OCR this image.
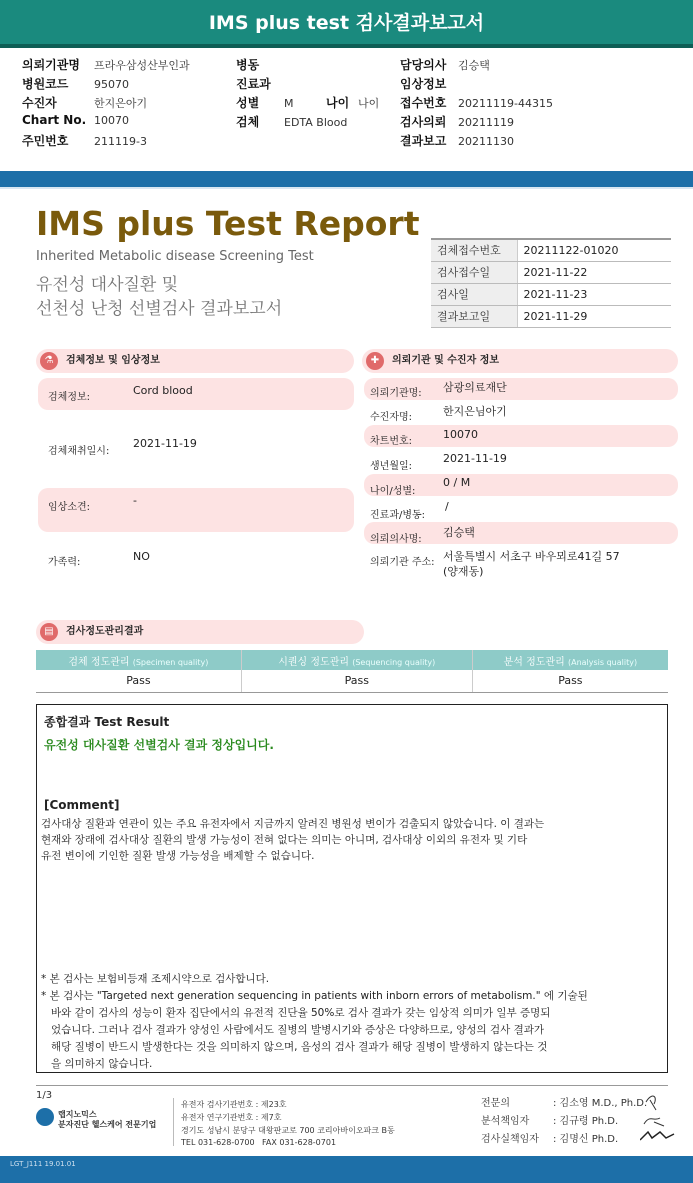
IMS plus test 검사결과보고서
의뢰기관명 프라우삼성산부인과
병원코드 95070
수진자	한지은아기
Chart No. 10070
주민번호 211119-3
병동
진료과
성별 M	나이 나이
검체 EDTA Blood
담당의사 김승택
임상정보
접수번호 20211119-44315
검사의뢰 20211119
결과보고 20211130
IMS plus Test Report
Inherited Metabolic disease Screening Test
유전성 대사질환 및
선천성 난청 선별검사 결과보고서
검체접수번호	20211122-01020
검사접수일	2021-11-22
검사일	2021-11-23
결과보고일	2021-11-29
⚗	검체정보 및 임상정보
검체정보:
Cord blood
검체채취일시:
2021-11-19
임상소견:
-
가족력:	NO
✚	의뢰기관 및 수진자 정보
의뢰기관명: 삼광의료재단
수진자명:	한지은님아기
차트번호:
10070
생년월일:
2021-11-19
나이/성별:
0 / M
진료과/병동:
/
의뢰의사명:
김승택
의뢰기관 주소: 서울특별시 서초구 바우뫼로41길 57
(양재동)
▤	검사정도관리결과
검체 정도관리 (Specimen quality)	시퀀싱 정도관리 (Sequencing quality)	분석 정도관리 (Analysis quality)
Pass	Pass	Pass
종합결과 Test Result
유전성 대사질환 선별검사 결과 정상입니다.
[Comment]
검사대상 질환과 연관이 있는 주요 유전자에서 지금까지 알려진 병원성 변이가 검출되지 않았습니다. 이 결과는
현재와 장래에 검사대상 질환의 발생 가능성이 전혀 없다는 의미는 아니며, 검사대상 이외의 유전자 및 기타
유전 변이에 기인한 질환 발생 가능성을 배제할 수 없습니다.
* 본 검사는 보험비등재 조제시약으로 검사합니다.
* 본 검사는 "Targeted next generation sequencing in patients with inborn errors of metabolism." 에 기술된
바와 같이 검사의 성능이 환자 집단에서의 유전적 진단율 50%로 검사 결과가 갖는 임상적 의미가 일부 증명되
었습니다. 그러나 검사 결과가 양성인 사람에서도 질병의 발병시기와 증상은 다양하므로, 양성의 검사 결과가
해당 질병이 반드시 발생한다는 것을 의미하지 않으며, 음성의 검사 결과가 해당 질병이 발생하지 않는다는 것
을 의미하지 않습니다.
1/3
랩지노믹스
분자진단 헬스케어 전문기업
유전자 검사기관번호 : 제23호
유전자 연구기관번호 : 제7호
경기도 성남시 분당구 대왕판교로 700 코리아바이오파크 B동
TEL 031-628-0700 FAX 031-628-0701
전문의	: 김소영 M.D., Ph.D.
분석책임자 : 김규령 Ph.D.
검사실책임자 : 김명신 Ph.D.
LGT_J111 19.01.01
